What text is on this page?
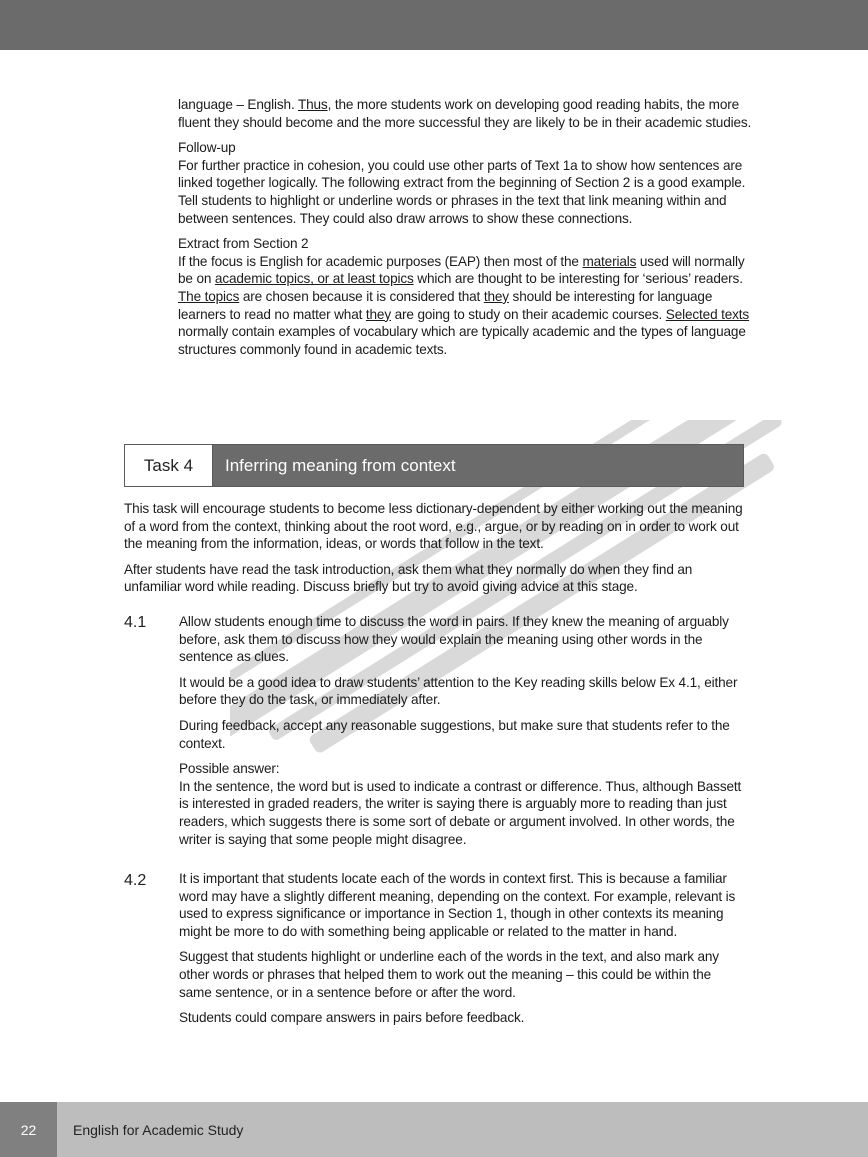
language – English. Thus, the more students work on developing good reading habits, the more fluent they should become and the more successful they are likely to be in their academic studies.

Follow-up

For further practice in cohesion, you could use other parts of Text 1a to show how sentences are linked together logically. The following extract from the beginning of Section 2 is a good example. Tell students to highlight or underline words or phrases in the text that link meaning within and between sentences. They could also draw arrows to show these connections.

Extract from Section 2

If the focus is English for academic purposes (EAP) then most of the materials used will normally be on academic topics, or at least topics which are thought to be interesting for ‘serious’ readers. The topics are chosen because it is considered that they should be interesting for language learners to read no matter what they are going to study on their academic courses. Selected texts normally contain examples of vocabulary which are typically academic and the types of language structures commonly found in academic texts.

Task 4	Inferring meaning from context

This task will encourage students to become less dictionary-dependent by either working out the meaning of a word from the context, thinking about the root word, e.g., argue, or by reading on in order to work out the meaning from the information, ideas, or words that follow in the text.

After students have read the task introduction, ask them what they normally do when they find an unfamiliar word while reading. Discuss briefly but try to avoid giving advice at this stage.

4.1 Allow students enough time to discuss the word in pairs. If they knew the meaning of arguably before, ask them to discuss how they would explain the meaning using other words in the sentence as clues.

It would be a good idea to draw students’ attention to the Key reading skills below Ex 4.1, either before they do the task, or immediately after.

During feedback, accept any reasonable suggestions, but make sure that students refer to the context.

Possible answer:

In the sentence, the word but is used to indicate a contrast or difference. Thus, although Bassett is interested in graded readers, the writer is saying there is arguably more to reading than just readers, which suggests there is some sort of debate or argument involved. In other words, the writer is saying that some people might disagree.

4.2 It is important that students locate each of the words in context first. This is because a familiar word may have a slightly different meaning, depending on the context. For example, relevant is used to express significance or importance in Section 1, though in other contexts its meaning might be more to do with something being applicable or related to the matter in hand.

Suggest that students highlight or underline each of the words in the text, and also mark any other words or phrases that helped them to work out the meaning – this could be within the same sentence, or in a sentence before or after the word.

Students could compare answers in pairs before feedback.

22	English for Academic Study
